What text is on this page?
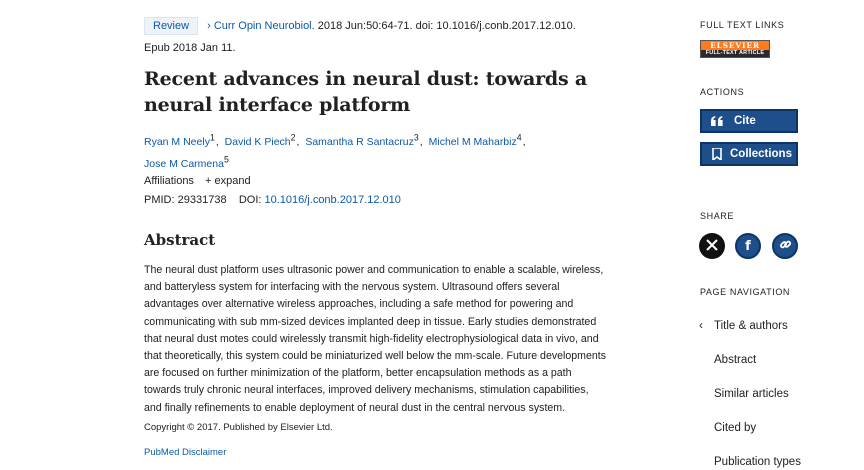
Review › Curr Opin Neurobiol. 2018 Jun:50:64-71. doi: 10.1016/j.conb.2017.12.010.
Epub 2018 Jan 11.
Recent advances in neural dust: towards a neural interface platform
Ryan M Neely$^1$, David K Piech$^2$, Samantha R Santacruz$^3$, Michel M Maharbiz$^4$,
Jose M Carmena$^5$
Affiliations + expand
PMID: 29331738 DOI: 10.1016/j.conb.2017.12.010
Abstract
The neural dust platform uses ultrasonic power and communication to enable a scalable, wireless,
and batteryless system for interfacing with the nervous system. Ultrasound offers several
advantages over alternative wireless approaches, including a safe method for powering and
communicating with sub mm-sized devices implanted deep in tissue. Early studies demonstrated
that neural dust motes could wirelessly transmit high-fidelity electrophysiological data in vivo, and
that theoretically, this system could be miniaturized well below the mm-scale. Future developments
are focused on further minimization of the platform, better encapsulation methods as a path
towards truly chronic neural interfaces, improved delivery mechanisms, stimulation capabilities,
and finally refinements to enable deployment of neural dust in the central nervous system.
Copyright © 2017. Published by Elsevier Ltd.
PubMed Disclaimer
FULL TEXT LINKS
ELSEVIER
FULL-TEXT ARTICLE
ACTIONS
Cite
Collections
SHARE
f
PAGE NAVIGATION
‹ Title & authors
Abstract
Similar articles
Cited by
Publication types
